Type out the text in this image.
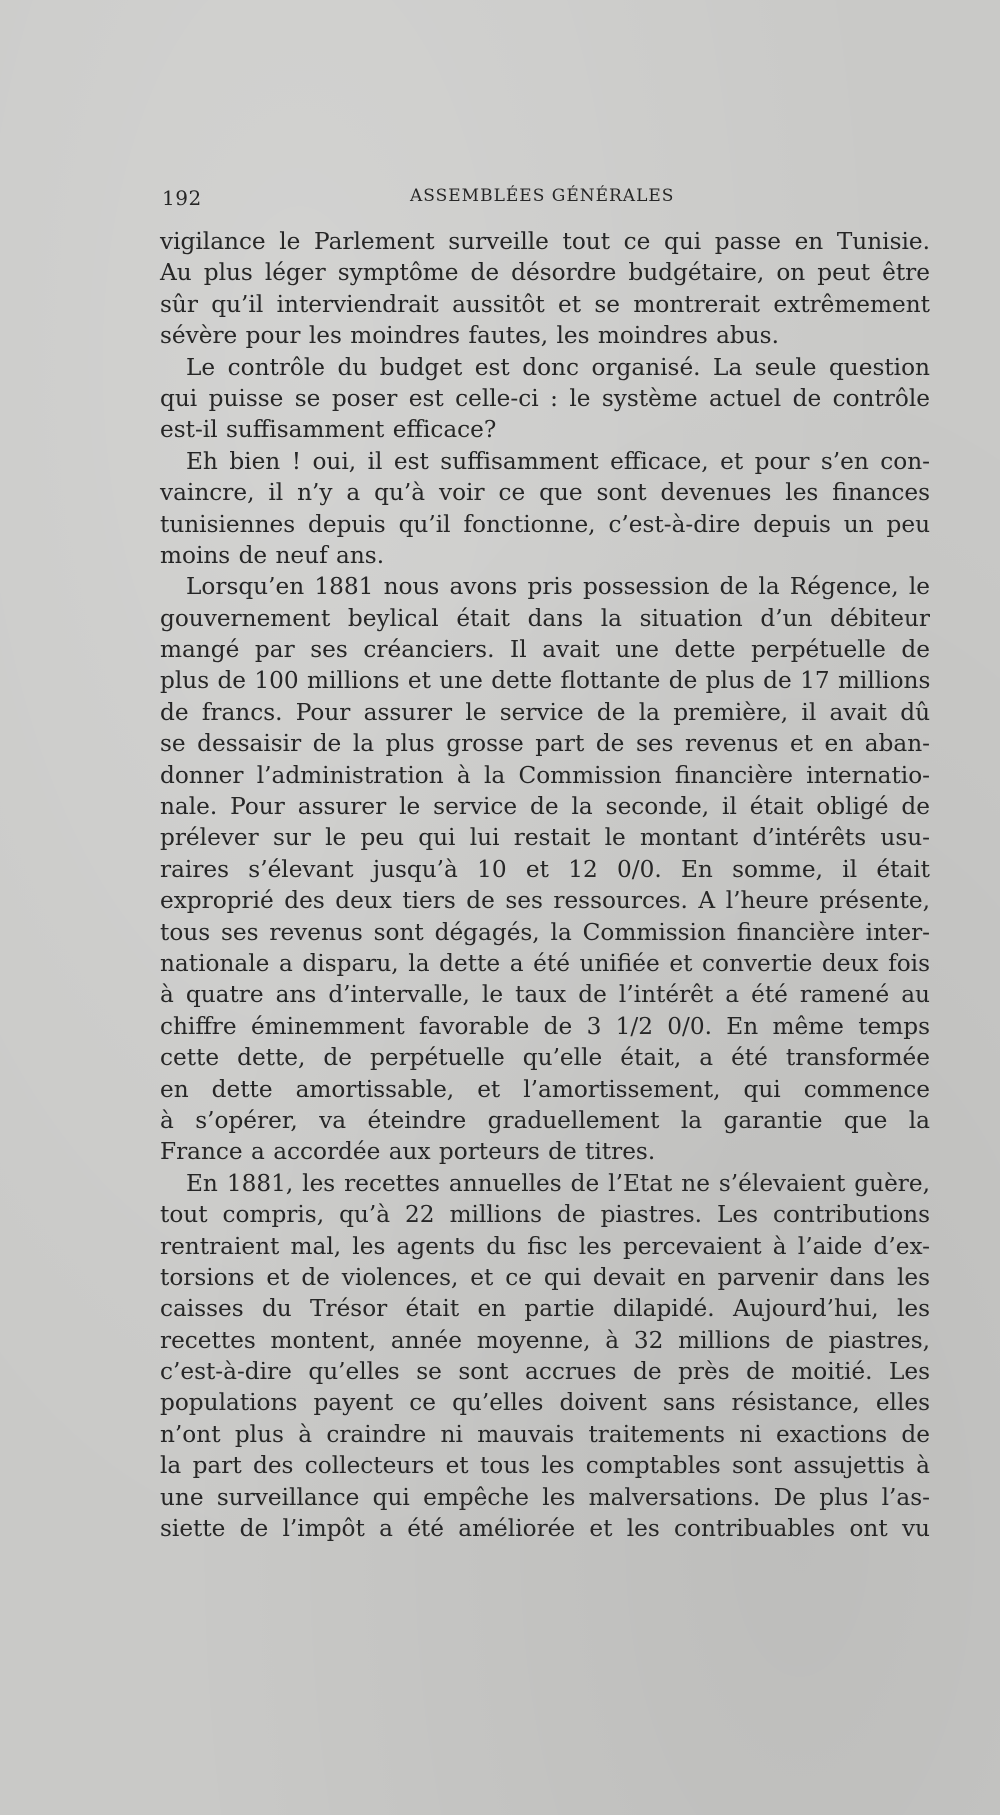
192	ASSEMBLÉES GÉNÉRALES
vigilance le Parlement surveille tout ce qui passe en Tunisie.
Au plus léger symptôme de désordre budgétaire, on peut être
sûr qu’il interviendrait aussitôt et se montrerait extrêmement
sévère pour les moindres fautes, les moindres abus.
Le contrôle du budget est donc organisé. La seule question
qui puisse se poser est celle-ci : le système actuel de contrôle
est-il suffisamment efficace?
Eh bien ! oui, il est suffisamment efficace, et pour s’en con-
vaincre, il n’y a qu’à voir ce que sont devenues les finances
tunisiennes depuis qu’il fonctionne, c’est-à-dire depuis un peu
moins de neuf ans.
Lorsqu’en 1881 nous avons pris possession de la Régence, le
gouvernement beylical était dans la situation d’un débiteur
mangé par ses créanciers. Il avait une dette perpétuelle de
plus de 100 millions et une dette flottante de plus de 17 millions
de francs. Pour assurer le service de la première, il avait dû
se dessaisir de la plus grosse part de ses revenus et en aban-
donner l’administration à la Commission financière internatio-
nale. Pour assurer le service de la seconde, il était obligé de
prélever sur le peu qui lui restait le montant d’intérêts usu-
raires s’élevant jusqu’à 10 et 12 0/0. En somme, il était
exproprié des deux tiers de ses ressources. A l’heure présente,
tous ses revenus sont dégagés, la Commission financière inter-
nationale a disparu, la dette a été unifiée et convertie deux fois
à quatre ans d’intervalle, le taux de l’intérêt a été ramené au
chiffre éminemment favorable de 3 1/2 0/0. En même temps
cette dette, de perpétuelle qu’elle était, a été transformée
en dette amortissable, et l’amortissement, qui commence
à s’opérer, va éteindre graduellement la garantie que la
France a accordée aux porteurs de titres.
En 1881, les recettes annuelles de l’Etat ne s’élevaient guère,
tout compris, qu’à 22 millions de piastres. Les contributions
rentraient mal, les agents du fisc les percevaient à l’aide d’ex-
torsions et de violences, et ce qui devait en parvenir dans les
caisses du Trésor était en partie dilapidé. Aujourd’hui, les
recettes montent, année moyenne, à 32 millions de piastres,
c’est-à-dire qu’elles se sont accrues de près de moitié. Les
populations payent ce qu’elles doivent sans résistance, elles
n’ont plus à craindre ni mauvais traitements ni exactions de
la part des collecteurs et tous les comptables sont assujettis à
une surveillance qui empêche les malversations. De plus l’as-
siette de l’impôt a été améliorée et les contribuables ont vu
